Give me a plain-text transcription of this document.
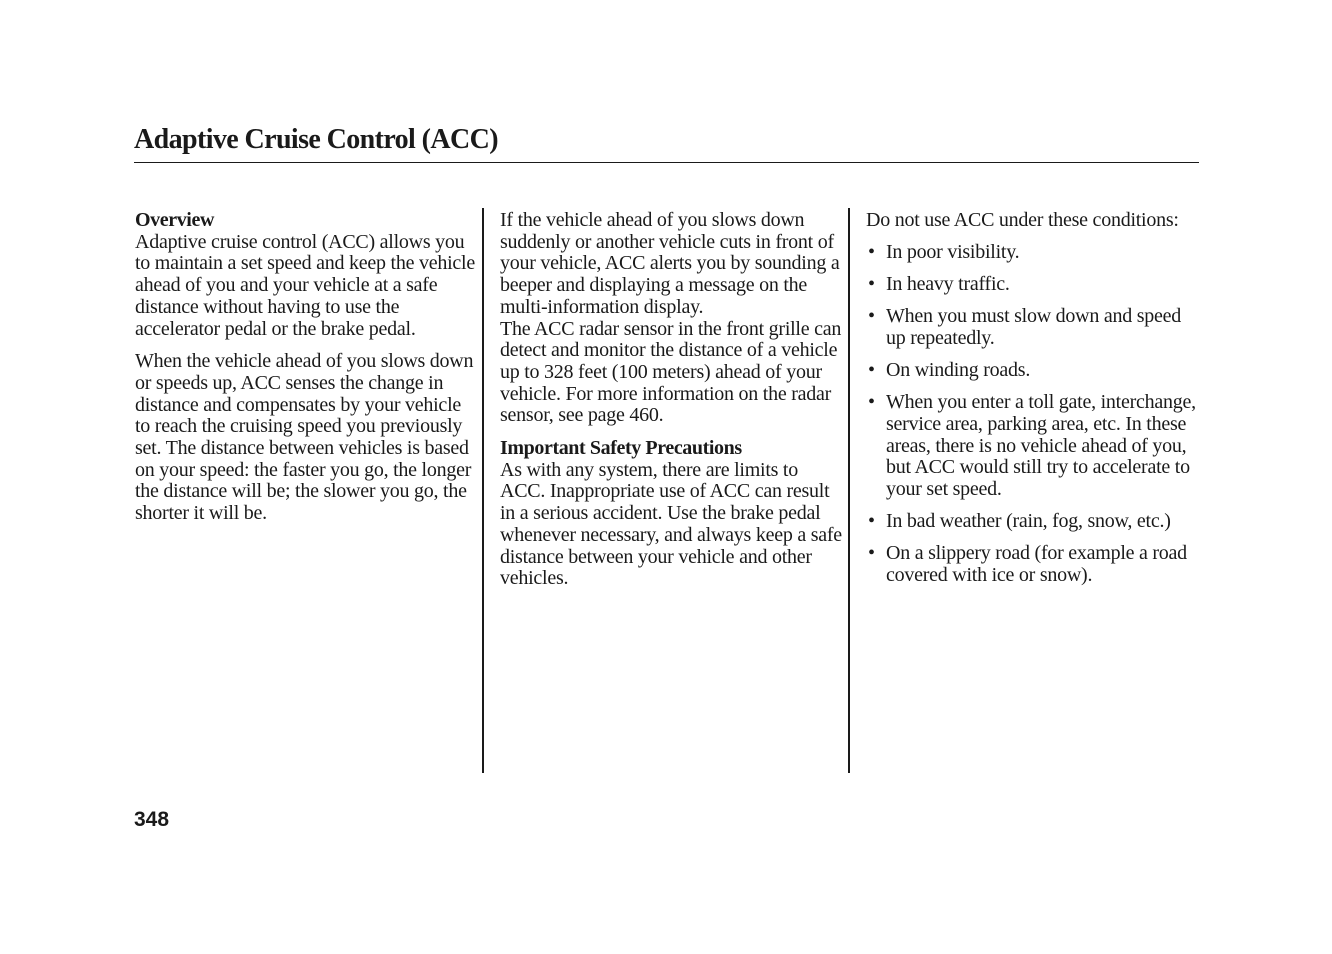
Adaptive Cruise Control (ACC)
Overview
Adaptive cruise control (ACC) allows you to maintain a set speed and keep the vehicle ahead of you and your vehicle at a safe distance without having to use the accelerator pedal or the brake pedal.
When the vehicle ahead of you slows down or speeds up, ACC senses the change in distance and compensates by your vehicle to reach the cruising speed you previously set. The distance between vehicles is based on your speed: the faster you go, the longer the distance will be; the slower you go, the shorter it will be.
If the vehicle ahead of you slows down suddenly or another vehicle cuts in front of your vehicle, ACC alerts you by sounding a beeper and displaying a message on the multi-information display.
The ACC radar sensor in the front grille can detect and monitor the distance of a vehicle up to 328 feet (100 meters) ahead of your vehicle. For more information on the radar sensor, see page 460.
Important Safety Precautions
As with any system, there are limits to ACC. Inappropriate use of ACC can result in a serious accident. Use the brake pedal whenever necessary, and always keep a safe distance between your vehicle and other vehicles.
Do not use ACC under these conditions:
• In poor visibility.
• In heavy traffic.
• When you must slow down and speed up repeatedly.
• On winding roads.
• When you enter a toll gate, interchange, service area, parking area, etc. In these areas, there is no vehicle ahead of you, but ACC would still try to accelerate to your set speed.
• In bad weather (rain, fog, snow, etc.)
• On a slippery road (for example a road covered with ice or snow).
348
